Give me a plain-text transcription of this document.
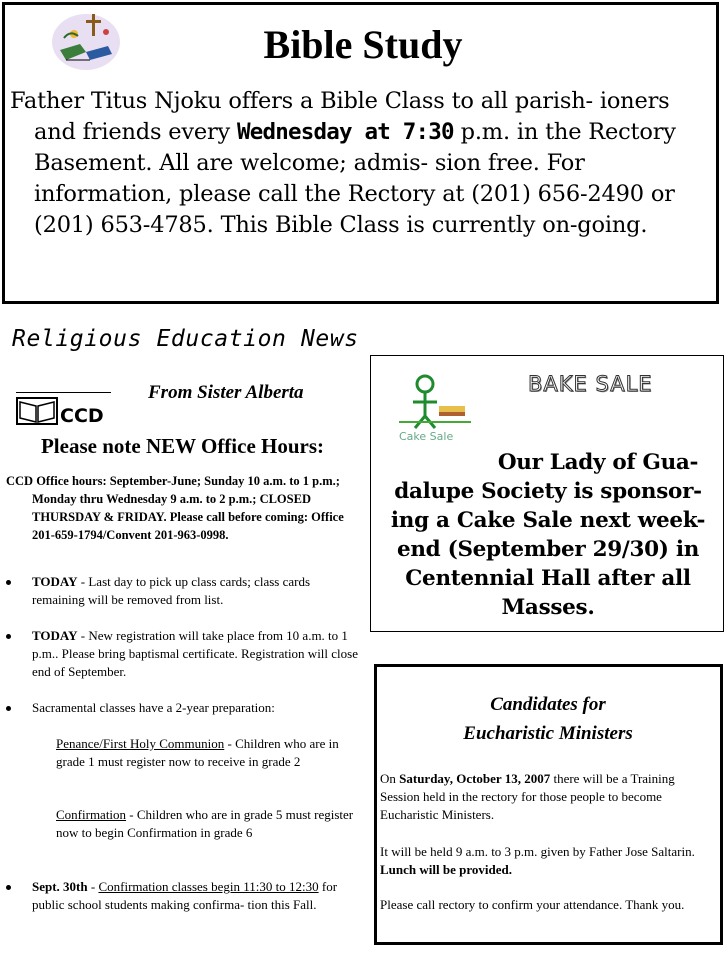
Bible Study
Father Titus Njoku offers a Bible Class to all parish- ioners and friends every Wednesday at 7:30 p.m. in the Rectory Basement. All are welcome; admis- sion free. For information, please call the Rectory at (201) 656-2490 or (201) 653-4785. This Bible Class is currently on-going.
Religious Education News
CCD
From Sister Alberta
Please note NEW Office Hours:
CCD Office hours: September-June; Sunday 10 a.m. to 1 p.m.; Monday thru Wednesday 9 a.m. to 2 p.m.; CLOSED THURSDAY & FRIDAY. Please call before coming: Office 201-659-1794/Convent 201-963-0998.
TODAY - Last day to pick up class cards; class cards remaining will be removed from list.
TODAY - New registration will take place from 10 a.m. to 1 p.m.. Please bring baptismal certificate. Registration will close end of September.
Sacramental classes have a 2-year preparation:
Penance/First Holy Communion - Children who are in grade 1 must register now to receive in grade 2
Confirmation - Children who are in grade 5 must register now to begin Confirmation in grade 6
Sept. 30th - Confirmation classes begin 11:30 to 12:30 for public school students making confirma- tion this Fall.
Cake Sale
BAKE SALE
Our Lady of Gua-
dalupe Society is sponsor- ing a Cake Sale next week- end (September 29/30) in Centennial Hall after all Masses.
Candidates for
Eucharistic Ministers
On Saturday, October 13, 2007 there will be a Training Session held in the rectory for those people to become Eucharistic Ministers.
It will be held 9 a.m. to 3 p.m. given by Father Jose Saltarin. Lunch will be provided.
Please call rectory to confirm your attendance. Thank you.
